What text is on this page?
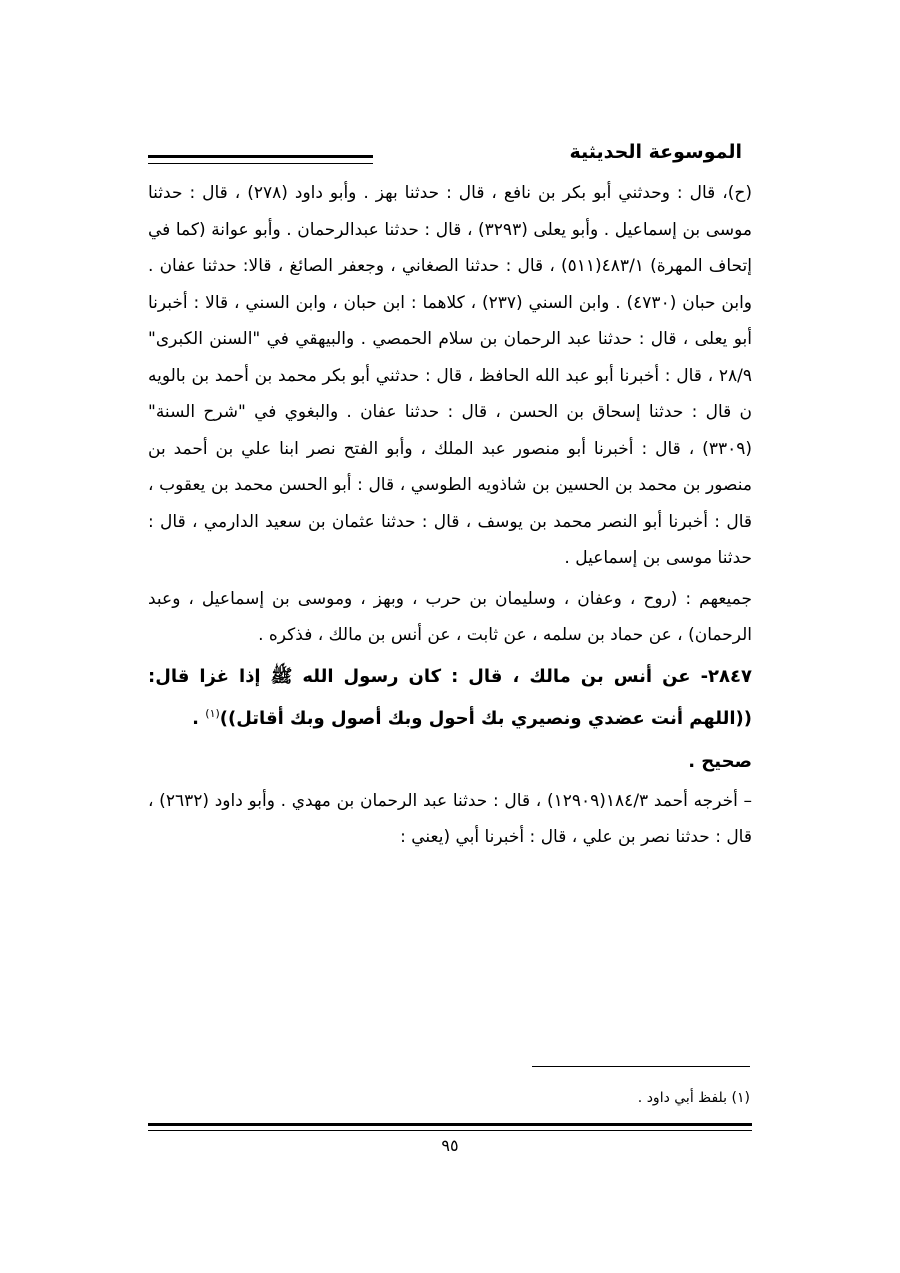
الموسوعة الحديثية

(ح)، قال : وحدثني أبو بكر بن نافع ، قال : حدثنا بهز . وأبو داود (٢٧٨) ، قال : حدثنا موسى بن إسماعيل . وأبو يعلى (٣٢٩٣) ، قال : حدثنا عبدالرحمان . وأبو عوانة (كما في إتحاف المهرة) ٤٨٣/١(٥١١) ، قال : حدثنا الصغاني ، وجعفر الصائغ ، قالا: حدثنا عفان . وابن حبان (٤٧٣٠) . وابن السني (٢٣٧) ، كلاهما : ابن حبان ، وابن السني ، قالا : أخبرنا أبو يعلى ، قال : حدثنا عبد الرحمان بن سلام الحمصي . والبيهقي في "السنن الكبرى" ٢٨/٩ ، قال : أخبرنا أبو عبد الله الحافظ ، قال : حدثني أبو بكر محمد بن أحمد بن بالويه ن قال : حدثنا إسحاق بن الحسن ، قال : حدثنا عفان . والبغوي في "شرح السنة" (٣٣٠٩) ، قال : أخبرنا أبو منصور عبد الملك ، وأبو الفتح نصر ابنا علي بن أحمد بن منصور بن محمد بن الحسين بن شاذويه الطوسي ، قال : أبو الحسن محمد بن يعقوب ، قال : أخبرنا أبو النصر محمد بن يوسف ، قال : حدثنا عثمان بن سعيد الدارمي ، قال : حدثنا موسى بن إسماعيل .

جميعهم : (روح ، وعفان ، وسليمان بن حرب ، وبهز ، وموسى بن إسماعيل ، وعبد الرحمان) ، عن حماد بن سلمه ، عن ثابت ، عن أنس بن مالك ، فذكره .

٢٨٤٧- عن أنس بن مالك ، قال : كان رسول الله ﷺ إذا غزا قال: ((اللهم أنت عضدي ونصيري بك أحول وبك أصول وبك أقاتل))$^{(١)}$ .
صحيح .

– أخرجه أحمد ١٨٤/٣(١٢٩٠٩) ، قال : حدثنا عبد الرحمان بن مهدي . وأبو داود (٢٦٣٢) ، قال : حدثنا نصر بن علي ، قال : أخبرنا أبي (يعني :

(١) بلفظ أبي داود .
٩٥
